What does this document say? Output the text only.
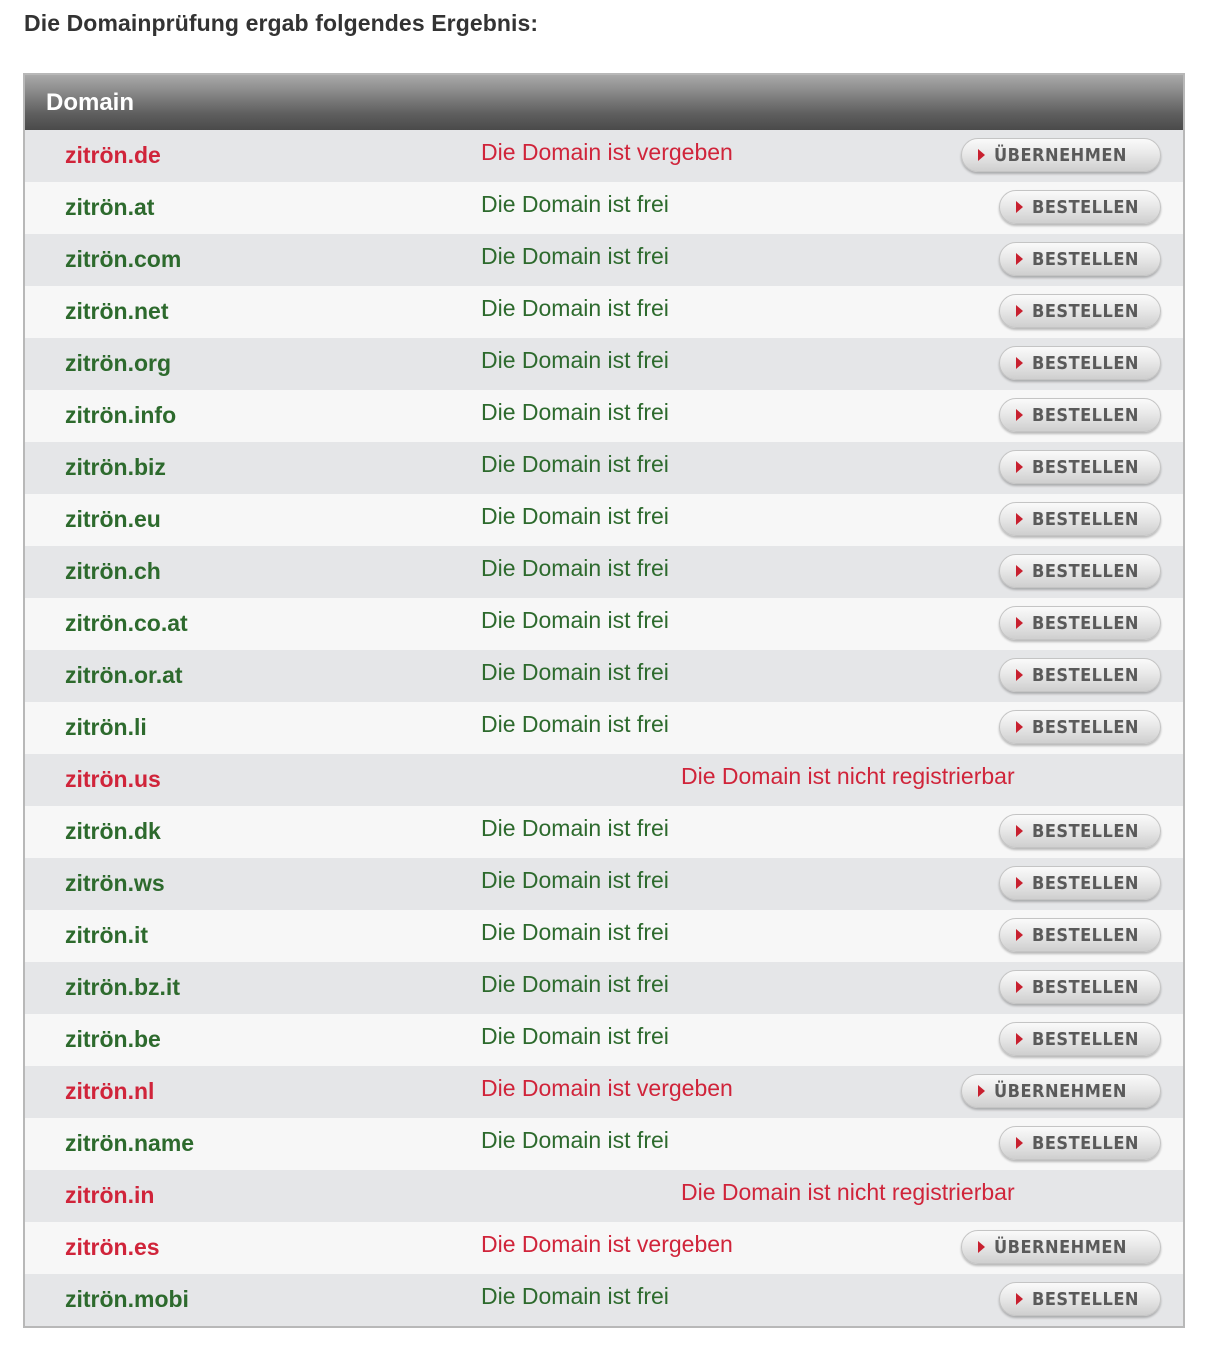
Die Domainprüfung ergab folgendes Ergebnis:
Domain
zitrön.de	Die Domain ist vergeben	ÜBERNEHMEN
zitrön.at	Die Domain ist frei	BESTELLEN
zitrön.com	Die Domain ist frei	BESTELLEN
zitrön.net	Die Domain ist frei	BESTELLEN
zitrön.org	Die Domain ist frei	BESTELLEN
zitrön.info	Die Domain ist frei	BESTELLEN
zitrön.biz	Die Domain ist frei	BESTELLEN
zitrön.eu	Die Domain ist frei	BESTELLEN
zitrön.ch	Die Domain ist frei	BESTELLEN
zitrön.co.at	Die Domain ist frei	BESTELLEN
zitrön.or.at	Die Domain ist frei	BESTELLEN
zitrön.li	Die Domain ist frei	BESTELLEN
zitrön.us	Die Domain ist nicht registrierbar
zitrön.dk	Die Domain ist frei	BESTELLEN
zitrön.ws	Die Domain ist frei	BESTELLEN
zitrön.it	Die Domain ist frei	BESTELLEN
zitrön.bz.it	Die Domain ist frei	BESTELLEN
zitrön.be	Die Domain ist frei	BESTELLEN
zitrön.nl	Die Domain ist vergeben	ÜBERNEHMEN
zitrön.name	Die Domain ist frei	BESTELLEN
zitrön.in	Die Domain ist nicht registrierbar
zitrön.es	Die Domain ist vergeben	ÜBERNEHMEN
zitrön.mobi	Die Domain ist frei	BESTELLEN
